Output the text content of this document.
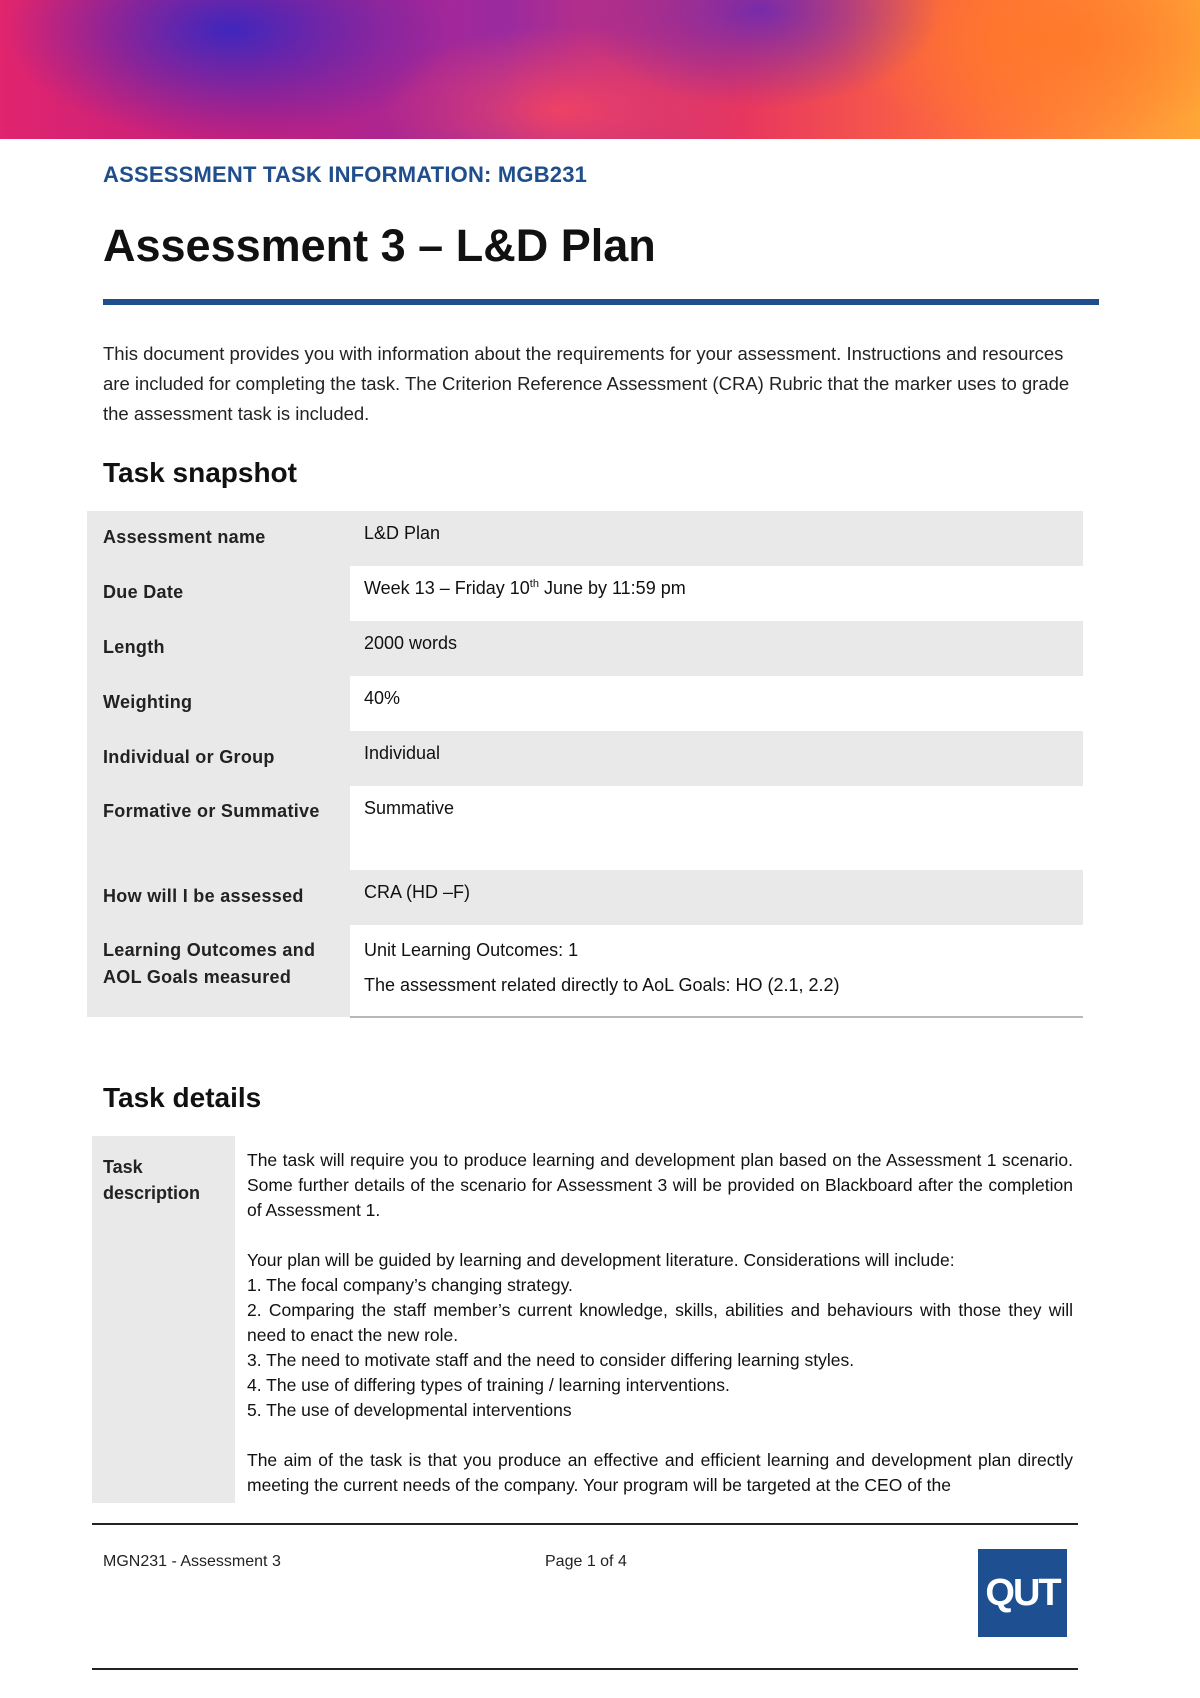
ASSESSMENT TASK INFORMATION: MGB231
Assessment 3 – L&D Plan
This document provides you with information about the requirements for your assessment. Instructions and resources are included for completing the task. The Criterion Reference Assessment (CRA) Rubric that the marker uses to grade the assessment task is included.
Task snapshot
Assessment name	L&D Plan
Due Date	Week 13 – Friday 10th June by 11:59 pm
Length	2000 words
Weighting	40%
Individual or Group	Individual
Formative or Summative	Summative
How will I be assessed	CRA (HD –F)
Learning Outcomes and AOL Goals measured	Unit Learning Outcomes: 1
The assessment related directly to AoL Goals: HO (2.1, 2.2)
Task details
Task description

The task will require you to produce learning and development plan based on the Assessment 1 scenario. Some further details of the scenario for Assessment 3 will be provided on Blackboard after the completion of Assessment 1.

Your plan will be guided by learning and development literature. Considerations will include:

1. The focal company’s changing strategy.

2. Comparing the staff member’s current knowledge, skills, abilities and behaviours with those they will need to enact the new role.

3. The need to motivate staff and the need to consider differing learning styles.

4. The use of differing types of training / learning interventions.

5. The use of developmental interventions

The aim of the task is that you produce an effective and efficient learning and development plan directly meeting the current needs of the company. Your program will be targeted at the CEO of the

MGN231 - Assessment 3	Page 1 of 4
QUT
